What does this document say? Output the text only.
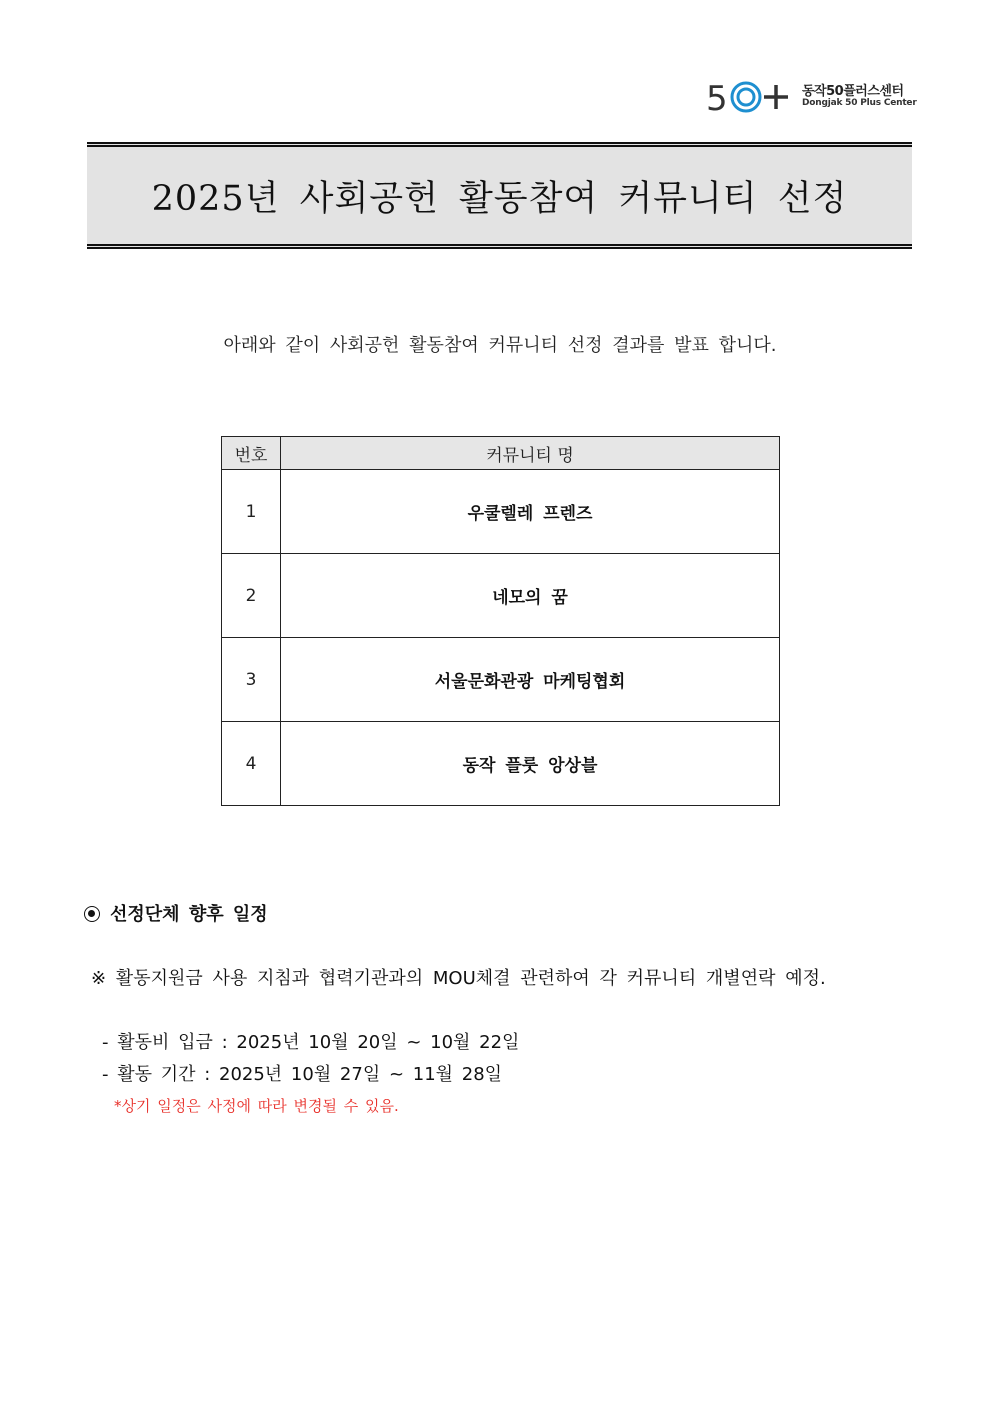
5	동작50플러스센터
Dongjak 50 Plus Center
2025년 사회공헌 활동참여 커뮤니티 선정
아래와 같이 사회공헌 활동참여 커뮤니티 선정 결과를 발표 합니다.
번호	커뮤니티 명
1	우쿨렐레 프렌즈
2	네모의 꿈
3	서울문화관광 마케팅협회
4	동작 플룻 앙상블
선정단체 향후 일정
※ 활동지원금 사용 지침과 협력기관과의 MOU체결 관련하여 각 커뮤니티 개별연락 예정.
- 활동비 입금 : 2025년 10월 20일 ~ 10월 22일
- 활동 기간 : 2025년 10월 27일 ~ 11월 28일
*상기 일정은 사정에 따라 변경될 수 있음.
